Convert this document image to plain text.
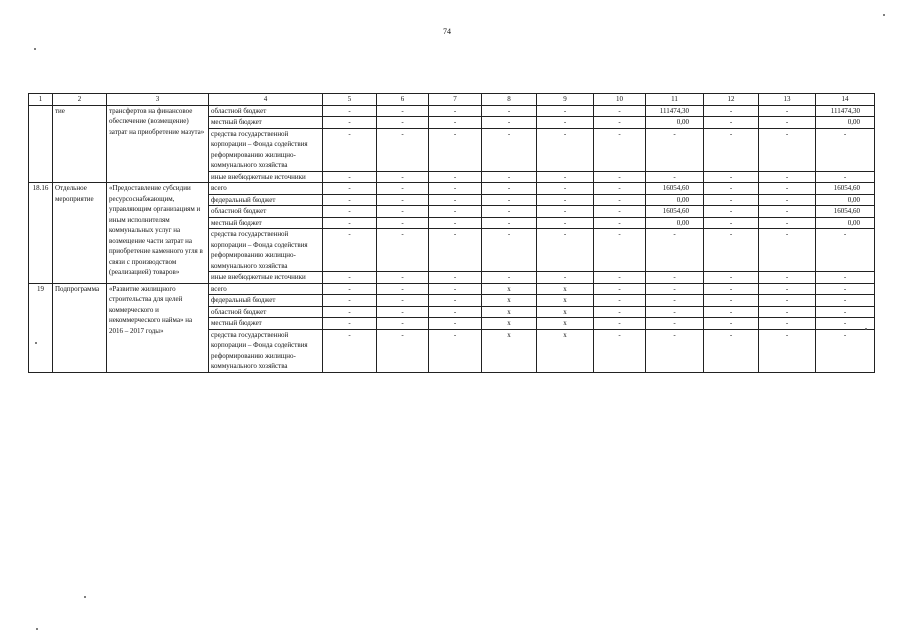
74
1	2	3	4	5	6	7	8	9	10	11	12	13	14
	тие	трансфертов на финансовое обеспечение (возмещение) затрат на приобретение мазута»	областной бюджет	-	-	-	-	-	-	111474,30	-	-	111474,30
			местный бюджет	-	-	-	-	-	-	0,00	-	-	0,00
			средства государственной корпорации – Фонда содействия реформированию жилищно-коммунального хозяйства	-	-	-	-	-	-	-	-	-	-
			иные внебюджетные источники	-	-	-	-	-	-	-	-	-	-
18.16	Отдельное мероприятие	«Предоставление субсидии ресурсоснабжающим, управляющим организациям и иным исполнителям коммунальных услуг на возмещение части затрат на приобретение каменного угля в связи с производством (реализацией) товаров»	всего	-	-	-	-	-	-	16054,60	-	-	16054,60
			федеральный бюджет	-	-	-	-	-	-	0,00	-	-	0,00
			областной бюджет	-	-	-	-	-	-	16054,60	-	-	16054,60
			местный бюджет	-	-	-	-	-	-	0,00	-	-	0,00
			средства государственной корпорации – Фонда содействия реформированию жилищно-коммунального хозяйства	-	-	-	-	-	-	-	-	-	-
			иные внебюджетные источники	-	-	-	-	-	-	-	-	-	-
19	Подпрограмма	«Развитие жилищного строительства для целей коммерческого и некоммерческого найма» на 2016 – 2017 годы»	всего	-	-	-	х	х	-	-	-	-	-
			федеральный бюджет	-	-	-	х	х	-	-	-	-	-
			областной бюджет	-	-	-	х	х	-	-	-	-	-
			местный бюджет	-	-	-	х	х	-	-	-	-	-
			средства государственной корпорации – Фонда содействия реформированию жилищно-коммунального хозяйства	-	-	-	х	х	-	-	-	-	-
